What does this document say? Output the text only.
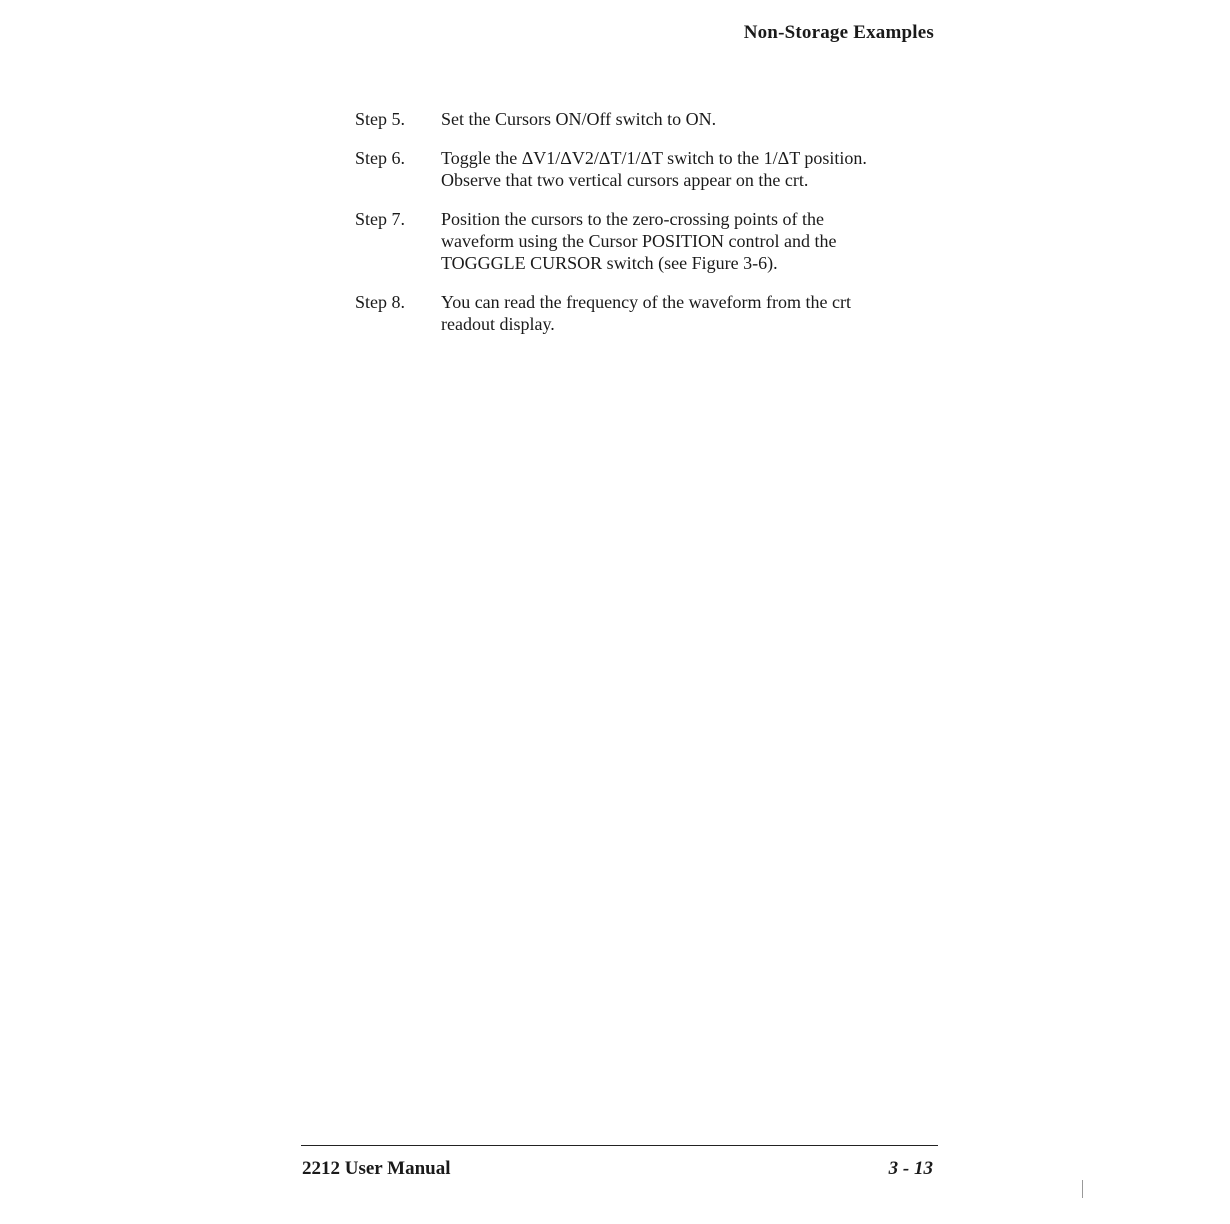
Non-Storage Examples
Step 5.	Set the Cursors ON/Off switch to ON.
Step 6.	Toggle the ΔV1/ΔV2/ΔT/1/ΔT switch to the 1/ΔT position.
Observe that two vertical cursors appear on the crt.
Step 7.	Position the cursors to the zero-crossing points of the
waveform using the Cursor POSITION control and the
TOGGGLE CURSOR switch (see Figure 3-6).
Step 8.	You can read the frequency of the waveform from the crt
readout display.
2212 User Manual	3 - 13
